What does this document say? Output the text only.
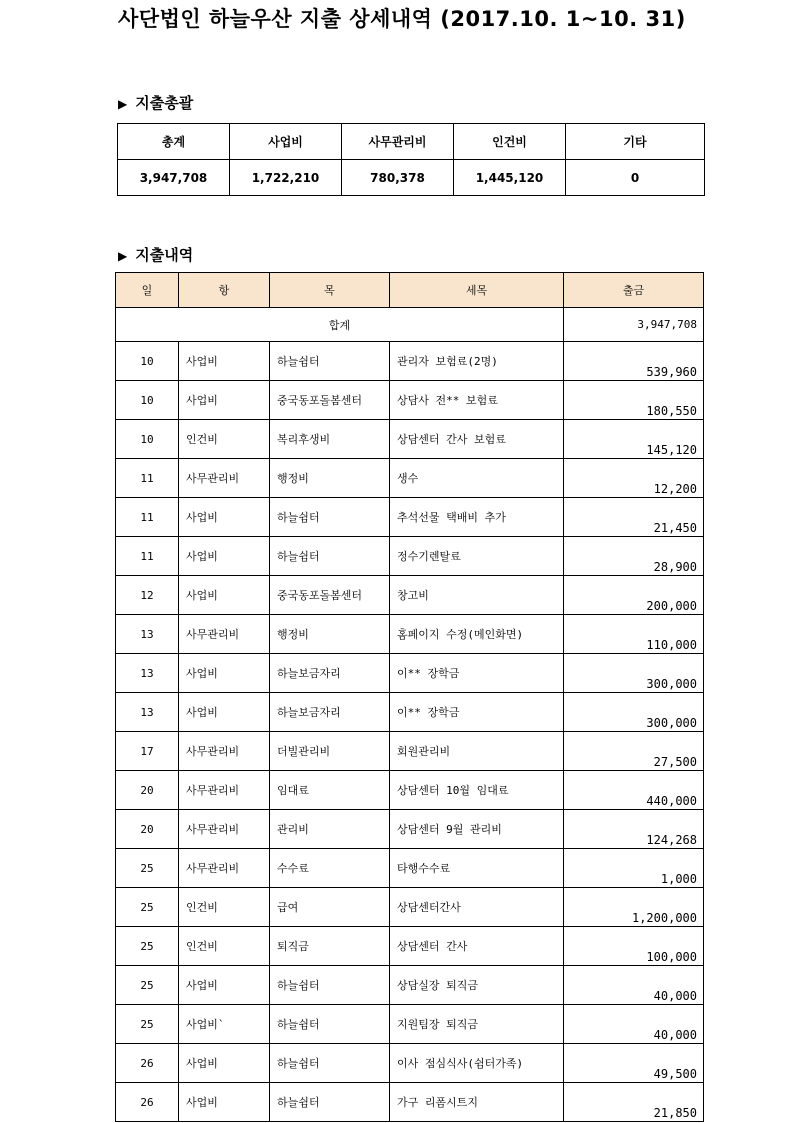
사단법인 하늘우산 지출 상세내역 (2017.10. 1~10. 31)
▶ 지출총괄
총계	사업비	사무관리비	인건비	기타
3,947,708	1,722,210	780,378	1,445,120	0
▶ 지출내역
일	항	목	세목	출금
합계				3,947,708
10	사업비	하늘쉼터	관리자 보험료(2명)	539,960
10	사업비	중국동포돌봄센터	상담사 전** 보험료	180,550
10	인건비	복리후생비	상담센터 간사 보험료	145,120
11	사무관리비	행정비	생수	12,200
11	사업비	하늘쉼터	추석선물 택배비 추가	21,450
11	사업비	하늘쉼터	정수기렌탈료	28,900
12	사업비	중국동포돌봄센터	창고비	200,000
13	사무관리비	행정비	홈페이지 수정(메인화면)	110,000
13	사업비	하늘보금자리	이** 장학금	300,000
13	사업비	하늘보금자리	이** 장학금	300,000
17	사무관리비	더빌관리비	회원관리비	27,500
20	사무관리비	임대료	상담센터 10월 임대료	440,000
20	사무관리비	관리비	상담센터 9월 관리비	124,268
25	사무관리비	수수료	타행수수료	1,000
25	인건비	급여	상담센터간사	1,200,000
25	인건비	퇴직금	상담센터 간사	100,000
25	사업비	하늘쉼터	상담실장 퇴직금	40,000
25	사업비`	하늘쉼터	지원팀장 퇴직금	40,000
26	사업비	하늘쉼터	이사 점심식사(쉼터가족)	49,500
26	사업비	하늘쉼터	가구 리폼시트지	21,850
